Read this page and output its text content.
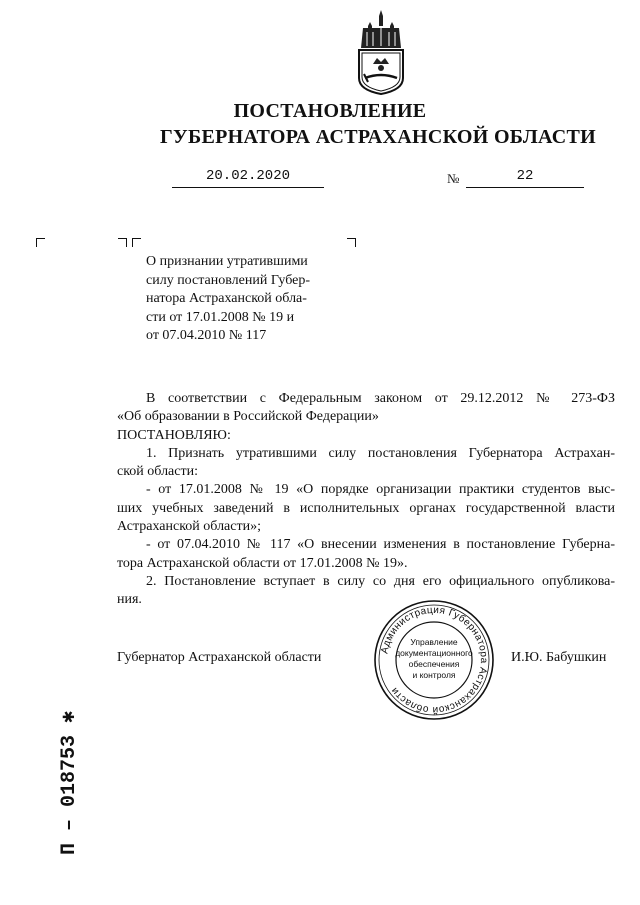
ПОСТАНОВЛЕНИЕ
ГУБЕРНАТОРА АСТРАХАНСКОЙ ОБЛАСТИ
20.02.2020	№	22
О признании утратившими
силу постановлений Губер-
натора Астраханской обла-
сти от 17.01.2008 № 19 и
от 07.04.2010 № 117
В соответствии с Федеральным законом от 29.12.2012 № 273-ФЗ
«Об образовании в Российской Федерации»
ПОСТАНОВЛЯЮ:
1. Признать утратившими силу постановления Губернатора Астрахан-
ской области:
- от 17.01.2008 № 19 «О порядке организации практики студентов выс-
ших учебных заведений в исполнительных органах государственной власти
Астраханской области»;
- от 07.04.2010 № 117 «О внесении изменения в постановление Губерна-
тора Астраханской области от 17.01.2008 № 19».
2. Постановление вступает в силу со дня его официального опубликова-
ния.
Губернатор Астраханской области	Администрация Губернатора Астраханской области
Управление
документационного
обеспечения
и контроля
И.Ю. Бабушкин
П – 018753 ✱
